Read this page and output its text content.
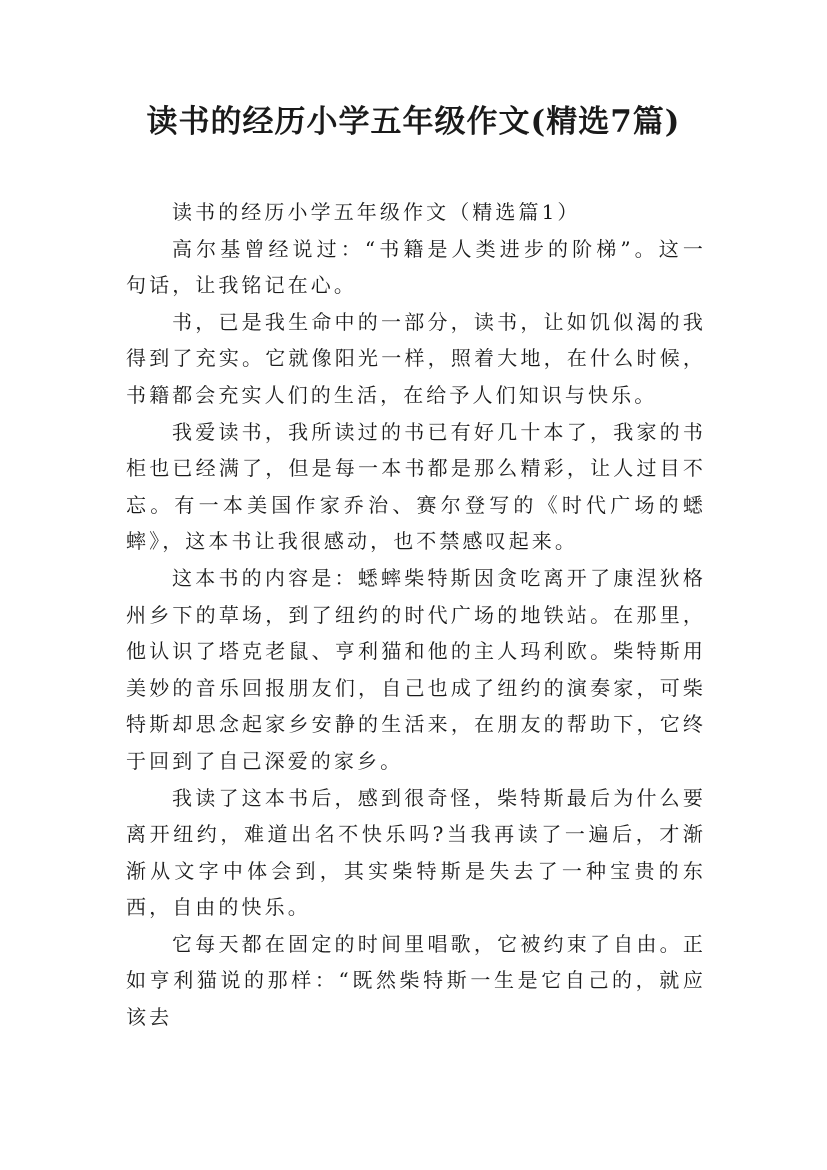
读书的经历小学五年级作文(精选7篇)

读书的经历小学五年级作文（精选篇1）

高尔基曾经说过：“书籍是人类进步的阶梯”。这一句话，让我铭记在心。

书，已是我生命中的一部分，读书，让如饥似渴的我得到了充实。它就像阳光一样，照着大地，在什么时候，书籍都会充实人们的生活，在给予人们知识与快乐。

我爱读书，我所读过的书已有好几十本了，我家的书柜也已经满了，但是每一本书都是那么精彩，让人过目不忘。有一本美国作家乔治、赛尔登写的《时代广场的蟋蟀》，这本书让我很感动，也不禁感叹起来。

这本书的内容是：蟋蟀柴特斯因贪吃离开了康涅狄格州乡下的草场，到了纽约的时代广场的地铁站。在那里，他认识了塔克老鼠、亨利猫和他的主人玛利欧。柴特斯用美妙的音乐回报朋友们，自己也成了纽约的演奏家，可柴特斯却思念起家乡安静的生活来，在朋友的帮助下，它终于回到了自己深爱的家乡。

我读了这本书后，感到很奇怪，柴特斯最后为什么要离开纽约，难道出名不快乐吗?当我再读了一遍后，才渐渐从文字中体会到，其实柴特斯是失去了一种宝贵的东西，自由的快乐。

它每天都在固定的时间里唱歌，它被约束了自由。正如亨利猫说的那样：“既然柴特斯一生是它自己的，就应该去
